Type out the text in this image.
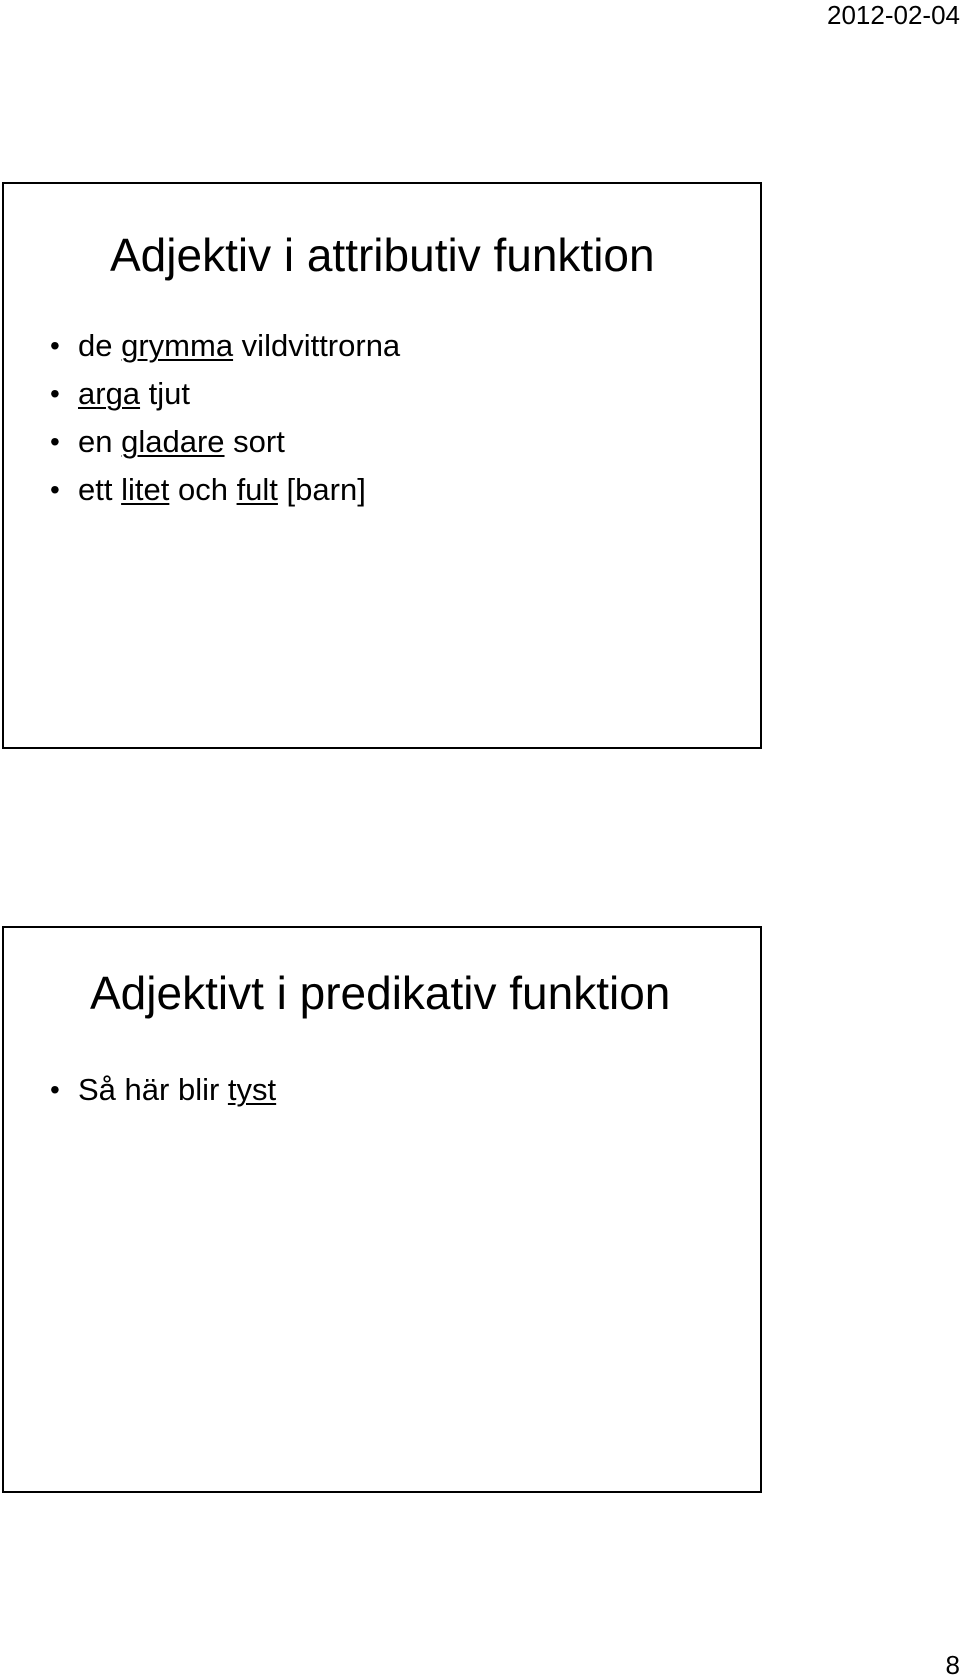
2012-02-04
Adjektiv i attributiv funktion
• de grymma vildvittrorna
• arga tjut
• en gladare sort
• ett litet och fult [barn]
Adjektivt i predikativ funktion
• Så här blir tyst
8
